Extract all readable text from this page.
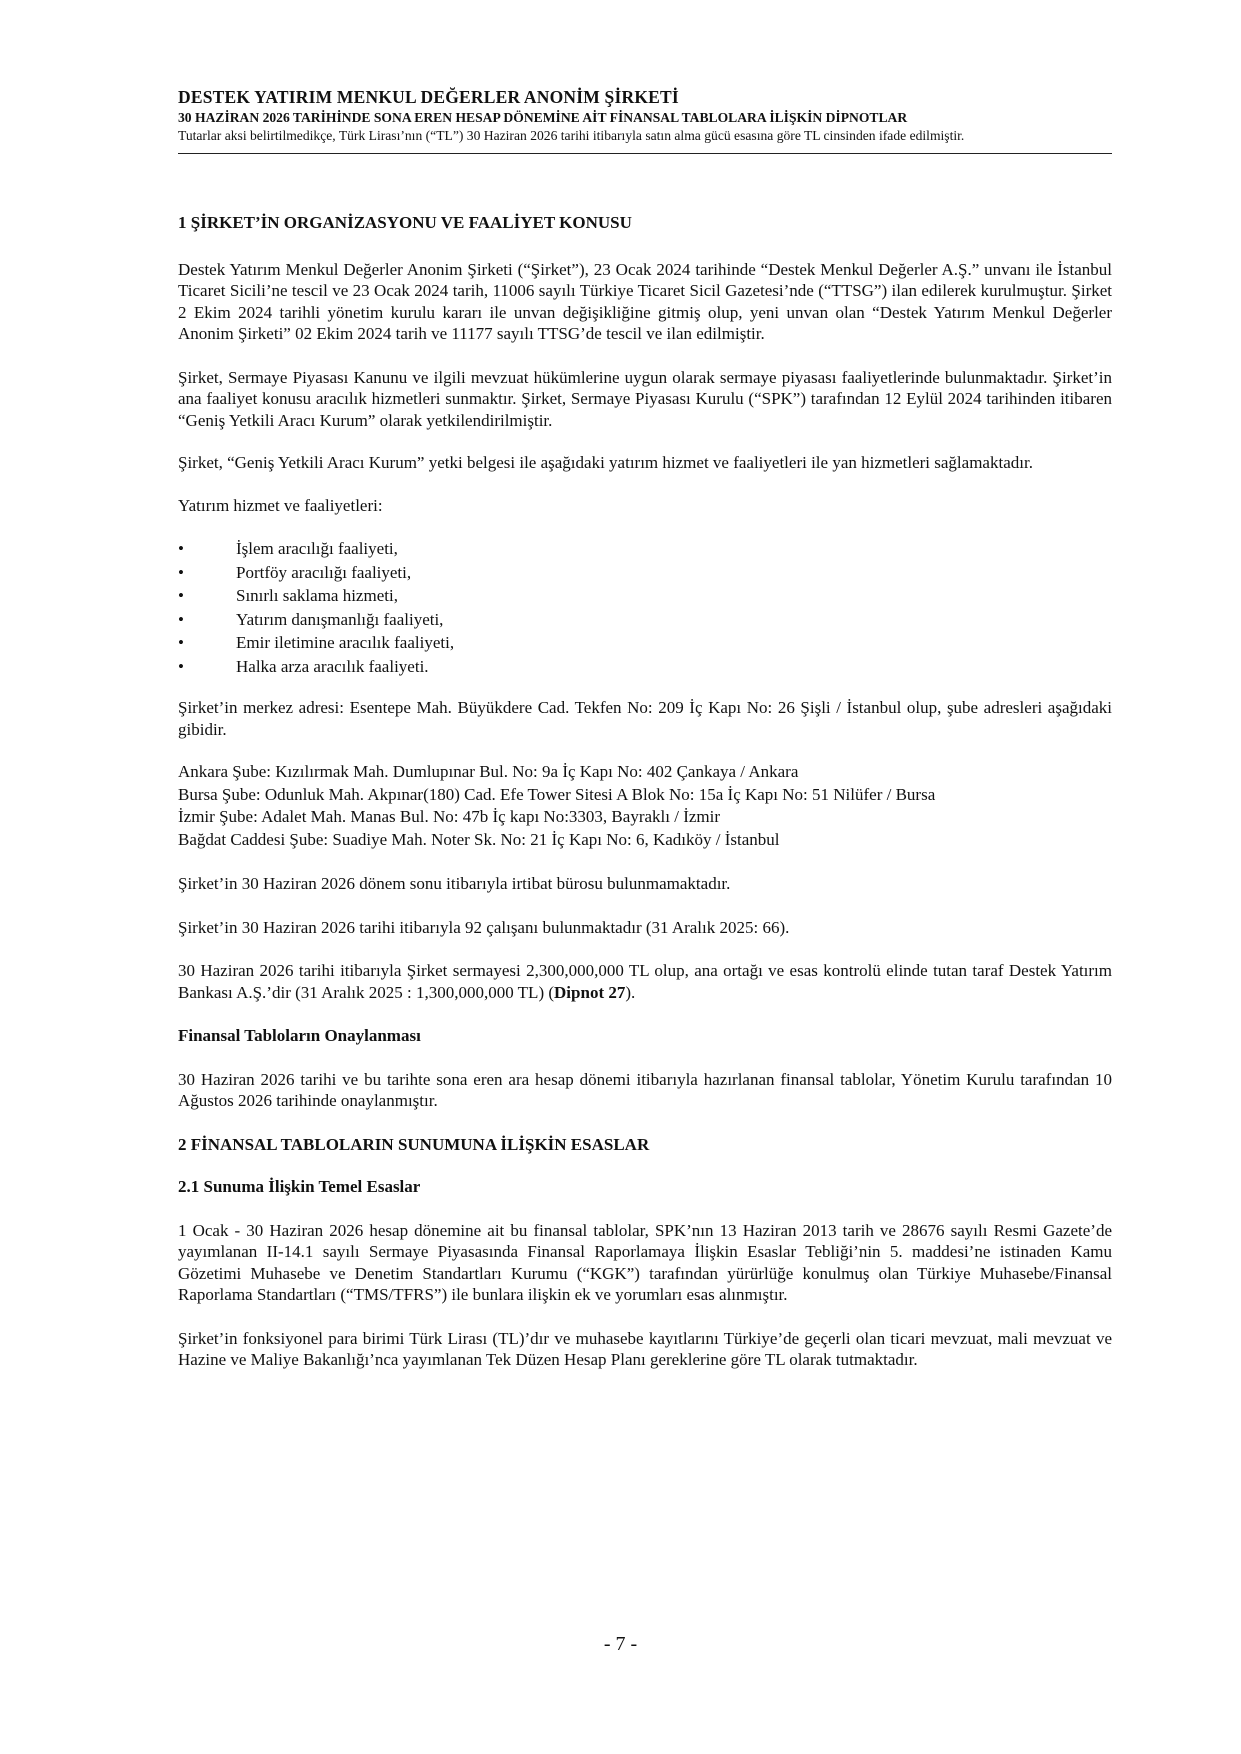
DESTEK YATIRIM MENKUL DEĞERLER ANONİM ŞİRKETİ
30 HAZİRAN 2026 TARİHİNDE SONA EREN HESAP DÖNEMİNE AİT FİNANSAL TABLOLARA İLİŞKİN DİPNOTLAR
Tutarlar aksi belirtilmedikçe, Türk Lirası’nın (“TL”) 30 Haziran 2026 tarihi itibarıyla satın alma gücü esasına göre TL cinsinden ifade edilmiştir.
1 ŞİRKET’İN ORGANİZASYONU VE FAALİYET KONUSU

Destek Yatırım Menkul Değerler Anonim Şirketi (“Şirket”), 23 Ocak 2024 tarihinde “Destek Menkul Değerler A.Ş.” unvanı ile İstanbul Ticaret Sicili’ne tescil ve 23 Ocak 2024 tarih, 11006 sayılı Türkiye Ticaret Sicil Gazetesi’nde (“TTSG”) ilan edilerek kurulmuştur. Şirket 2 Ekim 2024 tarihli yönetim kurulu kararı ile unvan değişikliğine gitmiş olup, yeni unvan olan “Destek Yatırım Menkul Değerler Anonim Şirketi” 02 Ekim 2024 tarih ve 11177 sayılı TTSG’de tescil ve ilan edilmiştir.

Şirket, Sermaye Piyasası Kanunu ve ilgili mevzuat hükümlerine uygun olarak sermaye piyasası faaliyetlerinde bulunmaktadır. Şirket’in ana faaliyet konusu aracılık hizmetleri sunmaktır. Şirket, Sermaye Piyasası Kurulu (“SPK”) tarafından 12 Eylül 2024 tarihinden itibaren “Geniş Yetkili Aracı Kurum” olarak yetkilendirilmiştir.

Şirket, “Geniş Yetkili Aracı Kurum” yetki belgesi ile aşağıdaki yatırım hizmet ve faaliyetleri ile yan hizmetleri sağlamaktadır.

Yatırım hizmet ve faaliyetleri:

• İşlem aracılığı faaliyeti,
• Portföy aracılığı faaliyeti,
• Sınırlı saklama hizmeti,
• Yatırım danışmanlığı faaliyeti,
• Emir iletimine aracılık faaliyeti,
• Halka arza aracılık faaliyeti.

Şirket’in merkez adresi: Esentepe Mah. Büyükdere Cad. Tekfen No: 209 İç Kapı No: 26 Şişli / İstanbul olup, şube adresleri aşağıdaki gibidir.

Ankara Şube: Kızılırmak Mah. Dumlupınar Bul. No: 9a İç Kapı No: 402 Çankaya / Ankara
Bursa Şube: Odunluk Mah. Akpınar(180) Cad. Efe Tower Sitesi A Blok No: 15a İç Kapı No: 51 Nilüfer / Bursa
İzmir Şube: Adalet Mah. Manas Bul. No: 47b İç kapı No:3303, Bayraklı / İzmir
Bağdat Caddesi Şube: Suadiye Mah. Noter Sk. No: 21 İç Kapı No: 6, Kadıköy / İstanbul

Şirket’in 30 Haziran 2026 dönem sonu itibarıyla irtibat bürosu bulunmamaktadır.

Şirket’in 30 Haziran 2026 tarihi itibarıyla 92 çalışanı bulunmaktadır (31 Aralık 2025: 66).

30 Haziran 2026 tarihi itibarıyla Şirket sermayesi 2,300,000,000 TL olup, ana ortağı ve esas kontrolü elinde tutan taraf Destek Yatırım Bankası A.Ş.’dir (31 Aralık 2025 : 1,300,000,000 TL) (Dipnot 27).

Finansal Tabloların Onaylanması

30 Haziran 2026 tarihi ve bu tarihte sona eren ara hesap dönemi itibarıyla hazırlanan finansal tablolar, Yönetim Kurulu tarafından 10 Ağustos 2026 tarihinde onaylanmıştır.

2 FİNANSAL TABLOLARIN SUNUMUNA İLİŞKİN ESASLAR
2.1 Sunuma İlişkin Temel Esaslar

1 Ocak - 30 Haziran 2026 hesap dönemine ait bu finansal tablolar, SPK’nın 13 Haziran 2013 tarih ve 28676 sayılı Resmi Gazete’de yayımlanan II-14.1 sayılı Sermaye Piyasasında Finansal Raporlamaya İlişkin Esaslar Tebliği’nin 5. maddesi’ne istinaden Kamu Gözetimi Muhasebe ve Denetim Standartları Kurumu (“KGK”) tarafından yürürlüğe konulmuş olan Türkiye Muhasebe/Finansal Raporlama Standartları (“TMS/TFRS”) ile bunlara ilişkin ek ve yorumları esas alınmıştır.

Şirket’in fonksiyonel para birimi Türk Lirası (TL)’dır ve muhasebe kayıtlarını Türkiye’de geçerli olan ticari mevzuat, mali mevzuat ve Hazine ve Maliye Bakanlığı’nca yayımlanan Tek Düzen Hesap Planı gereklerine göre TL olarak tutmaktadır.

- 7 -
